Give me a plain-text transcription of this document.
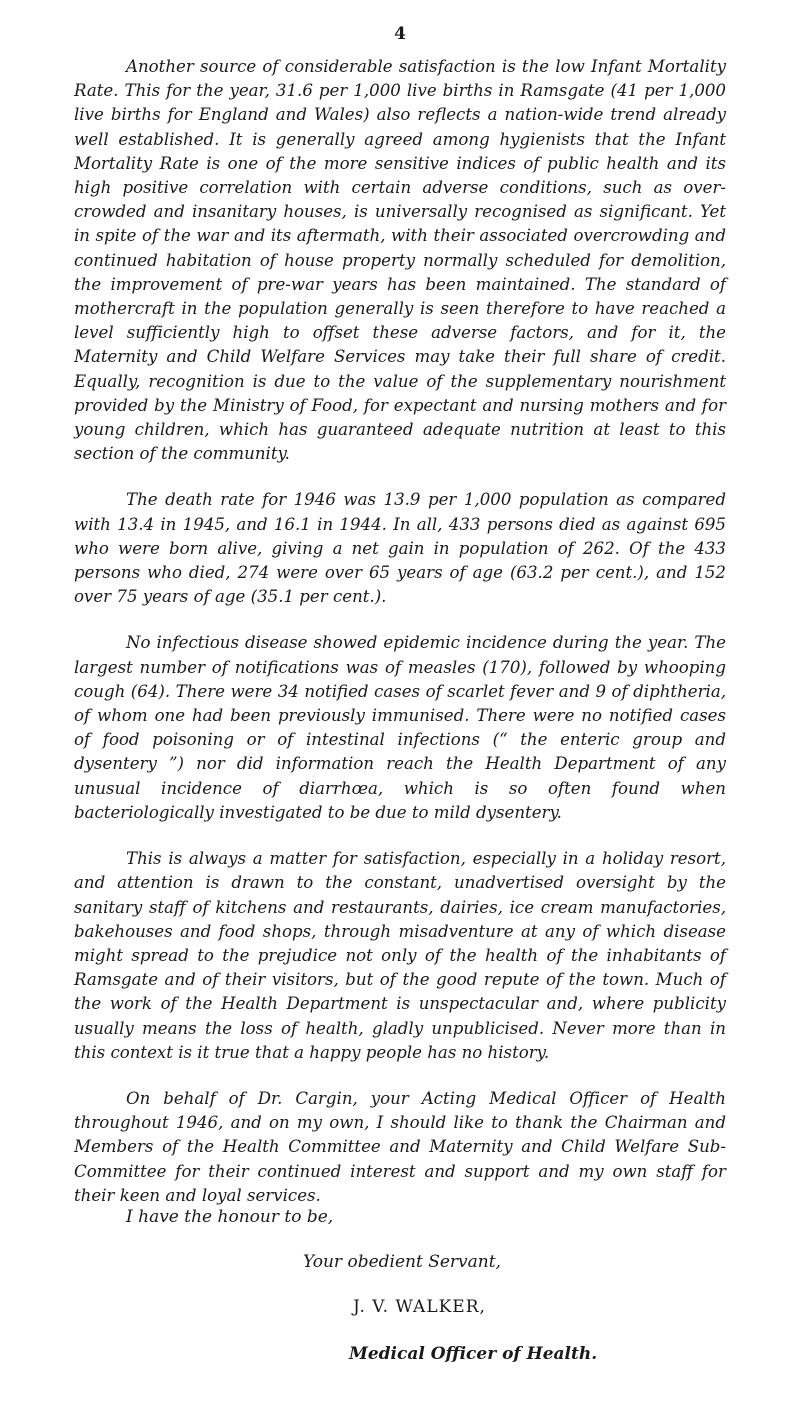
4

Another source of considerable satisfaction is the low Infant Mortality Rate. This for the year, 31.6 per 1,000 live births in Ramsgate (41 per 1,000 live births for England and Wales) also reflects a nation-wide trend already well established. It is generally agreed among hygienists that the Infant Mortality Rate is one of the more sensitive indices of public health and its high positive correlation with certain adverse conditions, such as over-crowded and insanitary houses, is universally recognised as significant. Yet in spite of the war and its aftermath, with their associated overcrowding and continued habitation of house property normally scheduled for demolition, the improvement of pre-war years has been maintained. The standard of mothercraft in the population generally is seen therefore to have reached a level sufficiently high to offset these adverse factors, and for it, the Maternity and Child Welfare Services may take their full share of credit. Equally, recognition is due to the value of the supplementary nourishment provided by the Ministry of Food, for expectant and nursing mothers and for young children, which has guaranteed adequate nutrition at least to this section of the community.

The death rate for 1946 was 13.9 per 1,000 population as compared with 13.4 in 1945, and 16.1 in 1944. In all, 433 persons died as against 695 who were born alive, giving a net gain in population of 262. Of the 433 persons who died, 274 were over 65 years of age (63.2 per cent.), and 152 over 75 years of age (35.1 per cent.).

No infectious disease showed epidemic incidence during the year. The largest number of notifications was of measles (170), followed by whooping cough (64). There were 34 notified cases of scarlet fever and 9 of diphtheria, of whom one had been previously immunised. There were no notified cases of food poisoning or of intestinal infections (“ the enteric group and dysentery ”) nor did information reach the Health Department of any unusual incidence of diarrhœa, which is so often found when bacteriologically investigated to be due to mild dysentery.

This is always a matter for satisfaction, especially in a holiday resort, and attention is drawn to the constant, unadvertised oversight by the sanitary staff of kitchens and restaurants, dairies, ice cream manufactories, bakehouses and food shops, through misadventure at any of which disease might spread to the prejudice not only of the health of the inhabitants of Ramsgate and of their visitors, but of the good repute of the town. Much of the work of the Health Department is unspectacular and, where publicity usually means the loss of health, gladly unpublicised. Never more than in this context is it true that a happy people has no history.

On behalf of Dr. Cargin, your Acting Medical Officer of Health throughout 1946, and on my own, I should like to thank the Chairman and Members of the Health Committee and Maternity and Child Welfare Sub-Committee for their continued interest and support and my own staff for their keen and loyal services.

I have the honour to be,
Your obedient Servant,
J. V. WALKER,
Medical Officer of Health.
